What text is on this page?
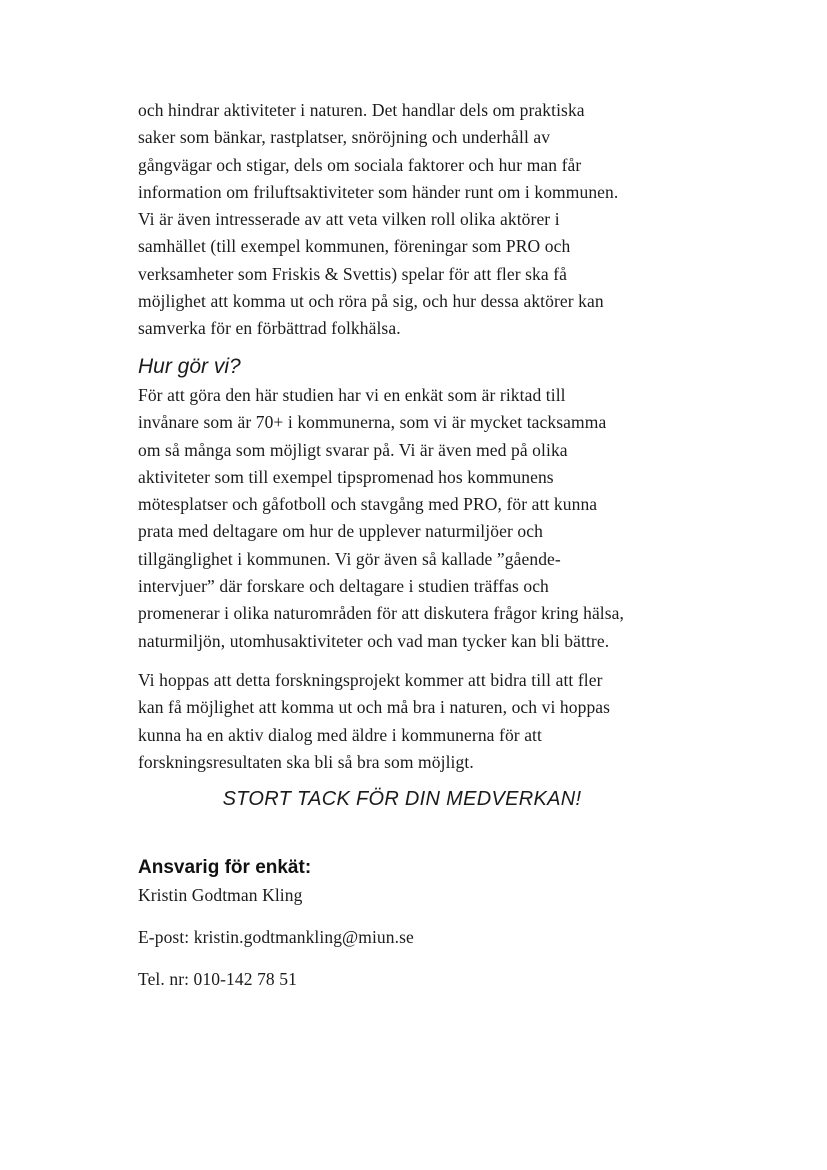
och hindrar aktiviteter i naturen. Det handlar dels om praktiska
saker som bänkar, rastplatser, snöröjning och underhåll av
gångvägar och stigar, dels om sociala faktorer och hur man får
information om friluftsaktiviteter som händer runt om i kommunen.
Vi är även intresserade av att veta vilken roll olika aktörer i
samhället (till exempel kommunen, föreningar som PRO och
verksamheter som Friskis & Svettis) spelar för att fler ska få
möjlighet att komma ut och röra på sig, och hur dessa aktörer kan
samverka för en förbättrad folkhälsa.
Hur gör vi?
För att göra den här studien har vi en enkät som är riktad till
invånare som är 70+ i kommunerna, som vi är mycket tacksamma
om så många som möjligt svarar på. Vi är även med på olika
aktiviteter som till exempel tipspromenad hos kommunens
mötesplatser och gåfotboll och stavgång med PRO, för att kunna
prata med deltagare om hur de upplever naturmiljöer och
tillgänglighet i kommunen. Vi gör även så kallade ”gående-
intervjuer” där forskare och deltagare i studien träffas och
promenerar i olika naturområden för att diskutera frågor kring hälsa,
naturmiljön, utomhusaktiviteter och vad man tycker kan bli bättre.
Vi hoppas att detta forskningsprojekt kommer att bidra till att fler
kan få möjlighet att komma ut och må bra i naturen, och vi hoppas
kunna ha en aktiv dialog med äldre i kommunerna för att
forskningsresultaten ska bli så bra som möjligt.
STORT TACK FÖR DIN MEDVERKAN!
Ansvarig för enkät:
Kristin Godtman Kling
E-post: kristin.godtmankling@miun.se
Tel. nr: 010-142 78 51
